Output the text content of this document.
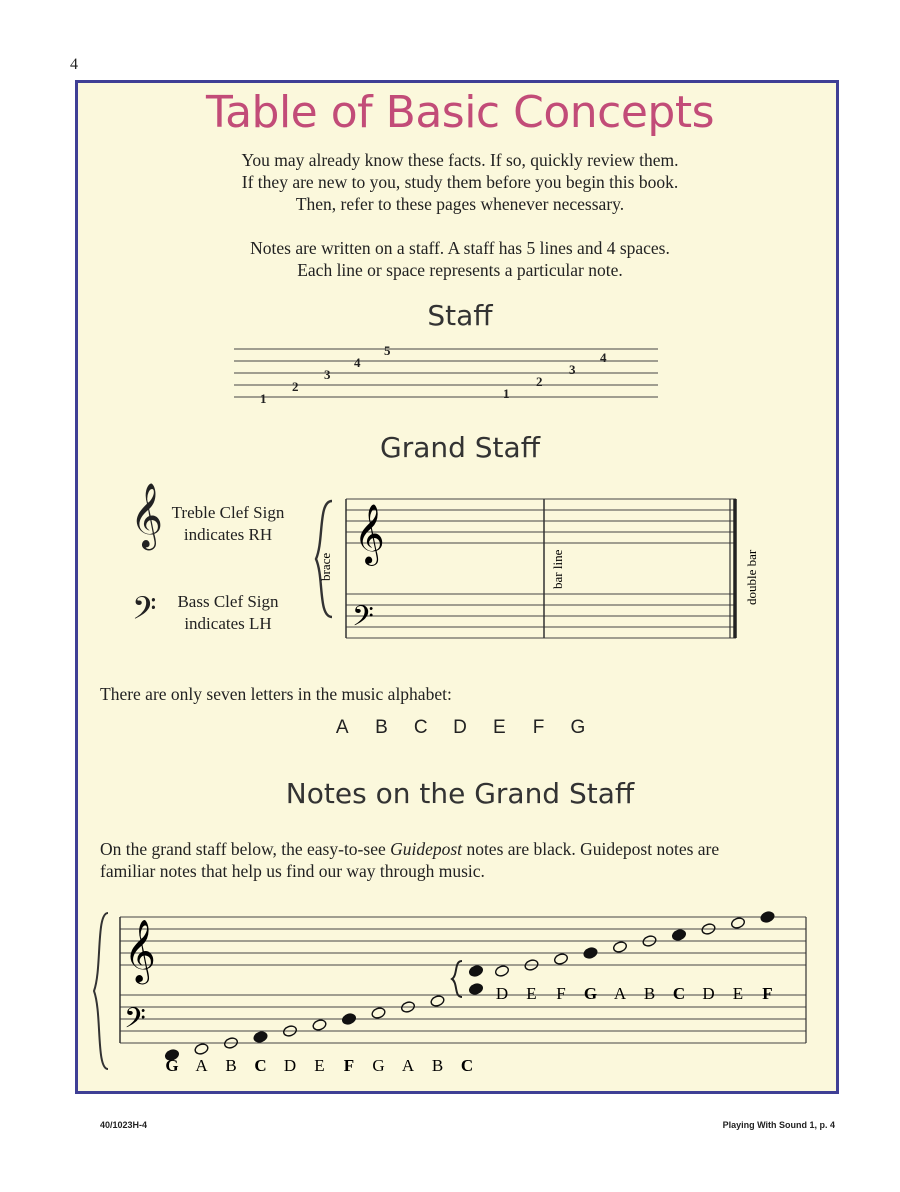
4
Table of Basic Concepts
You may already know these facts. If so, quickly review them.
If they are new to you, study them before you begin this book.
Then, refer to these pages whenever necessary.
Notes are written on a staff. A staff has 5 lines and 4 spaces.
Each line or space represents a particular note.
Staff
1
2
3
4
5
1
2
3
4
Grand Staff
𝄞 Treble Clef Sign
indicates RH
𝄢	Bass Clef Sign
indicates LH
𝄞
𝄢
brace	bar line	double bar
There are only seven letters in the music alphabet:
A B C D E F G
Notes on the Grand Staff
On the grand staff below, the easy-to-see Guidepost notes are black. Guidepost notes are
familiar notes that help us find our way through music.
𝄞
𝄢
G A B C D E F G A B C
D E F G A B C D E F
40/1023H-4	Playing With Sound 1, p. 4
